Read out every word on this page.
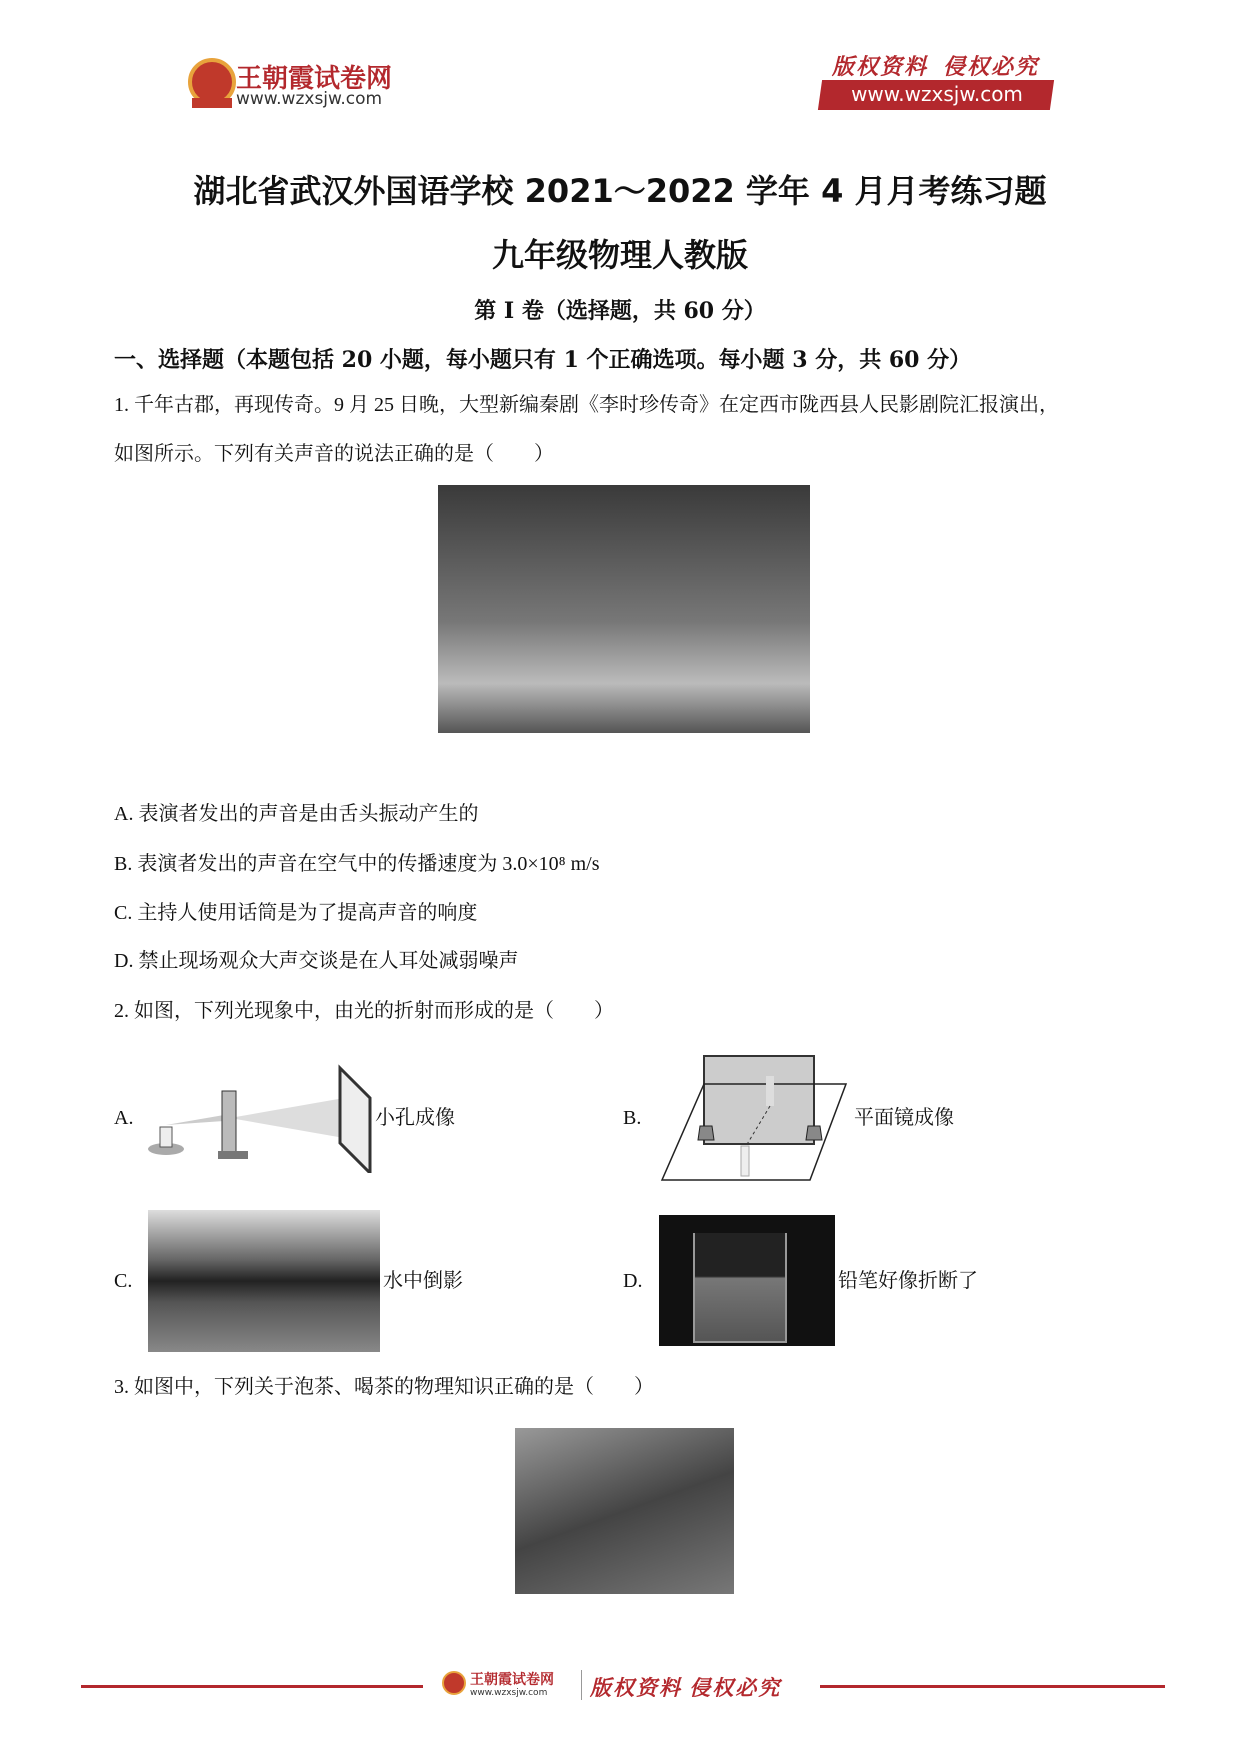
王朝霞试卷网
www.wzxsjw.com
版权资料  侵权必究
www.wzxsjw.com
湖北省武汉外国语学校 2021～2022 学年 4 月月考练习题
九年级物理人教版
第 I 卷（选择题，共 60 分）
一、选择题（本题包括 20 小题，每小题只有 1 个正确选项。每小题 3 分，共 60 分）
1. 千年古郡，再现传奇。9 月 25 日晚，大型新编秦剧《李时珍传奇》在定西市陇西县人民影剧院汇报演出，
如图所示。下列有关声音的说法正确的是（　　）
A. 表演者发出的声音是由舌头振动产生的
B. 表演者发出的声音在空气中的传播速度为 3.0×10⁸ m/s
C. 主持人使用话筒是为了提高声音的响度
D. 禁止现场观众大声交谈是在人耳处减弱噪声
2. 如图，下列光现象中，由光的折射而形成的是（　　）
A.	小孔成像	B.	平面镜成像
C.	水中倒影	D.	铅笔好像折断了
3. 如图中，下列关于泡茶、喝茶的物理知识正确的是（　　）
王朝霞试卷网
www.wzxsjw.com 版权资料 侵权必究
